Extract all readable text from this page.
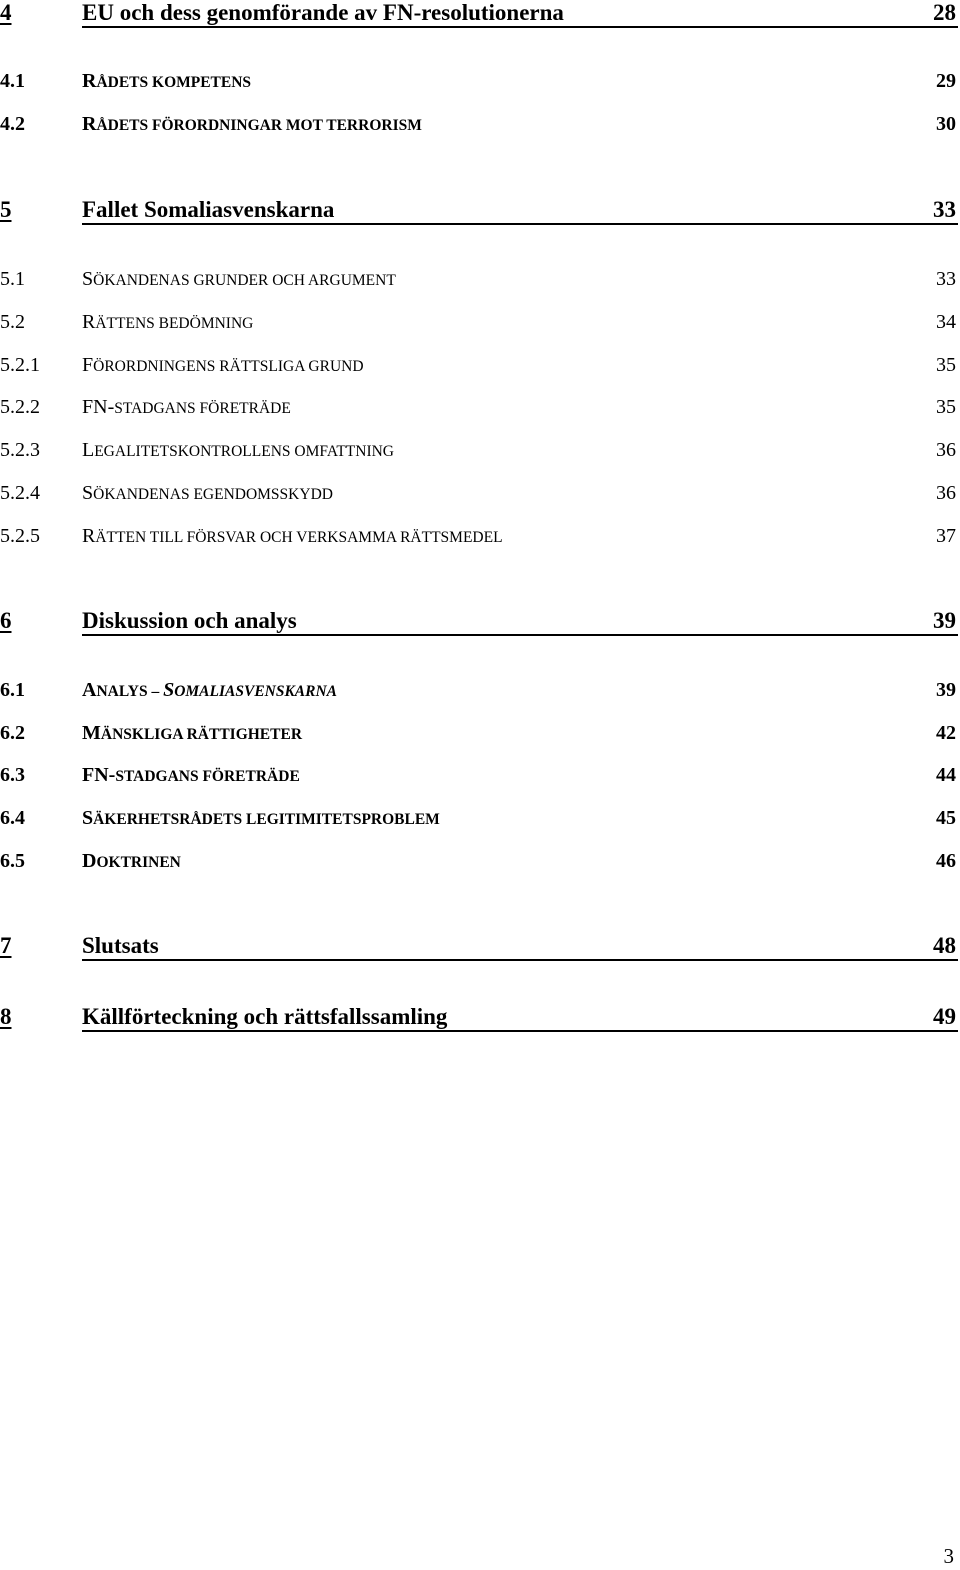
4	EU och dess genomförande av FN-resolutionerna	28
4.1	RÅDETS KOMPETENS	29
4.2	RÅDETS FÖRORDNINGAR MOT TERRORISM	30
5	Fallet Somaliasvenskarna	33
5.1	SÖKANDENAS GRUNDER OCH ARGUMENT	33
5.2	RÄTTENS BEDÖMNING	34
5.2.1 FÖRORDNINGENS RÄTTSLIGA GRUND	35
5.2.2 FN-STADGANS FÖRETRÄDE	35
5.2.3 LEGALITETSKONTROLLENS OMFATTNING	36
5.2.4 SÖKANDENAS EGENDOMSSKYDD	36
5.2.5 RÄTTEN TILL FÖRSVAR OCH VERKSAMMA RÄTTSMEDEL	37
6	Diskussion och analys	39
6.1	ANALYS – SOMALIASVENSKARNA	39
6.2	MÄNSKLIGA RÄTTIGHETER	42
6.3	FN-STADGANS FÖRETRÄDE	44
6.4	SÄKERHETSRÅDETS LEGITIMITETSPROBLEM	45
6.5	DOKTRINEN	46
7	Slutsats	48
8	Källförteckning och rättsfallssamling	49
3
